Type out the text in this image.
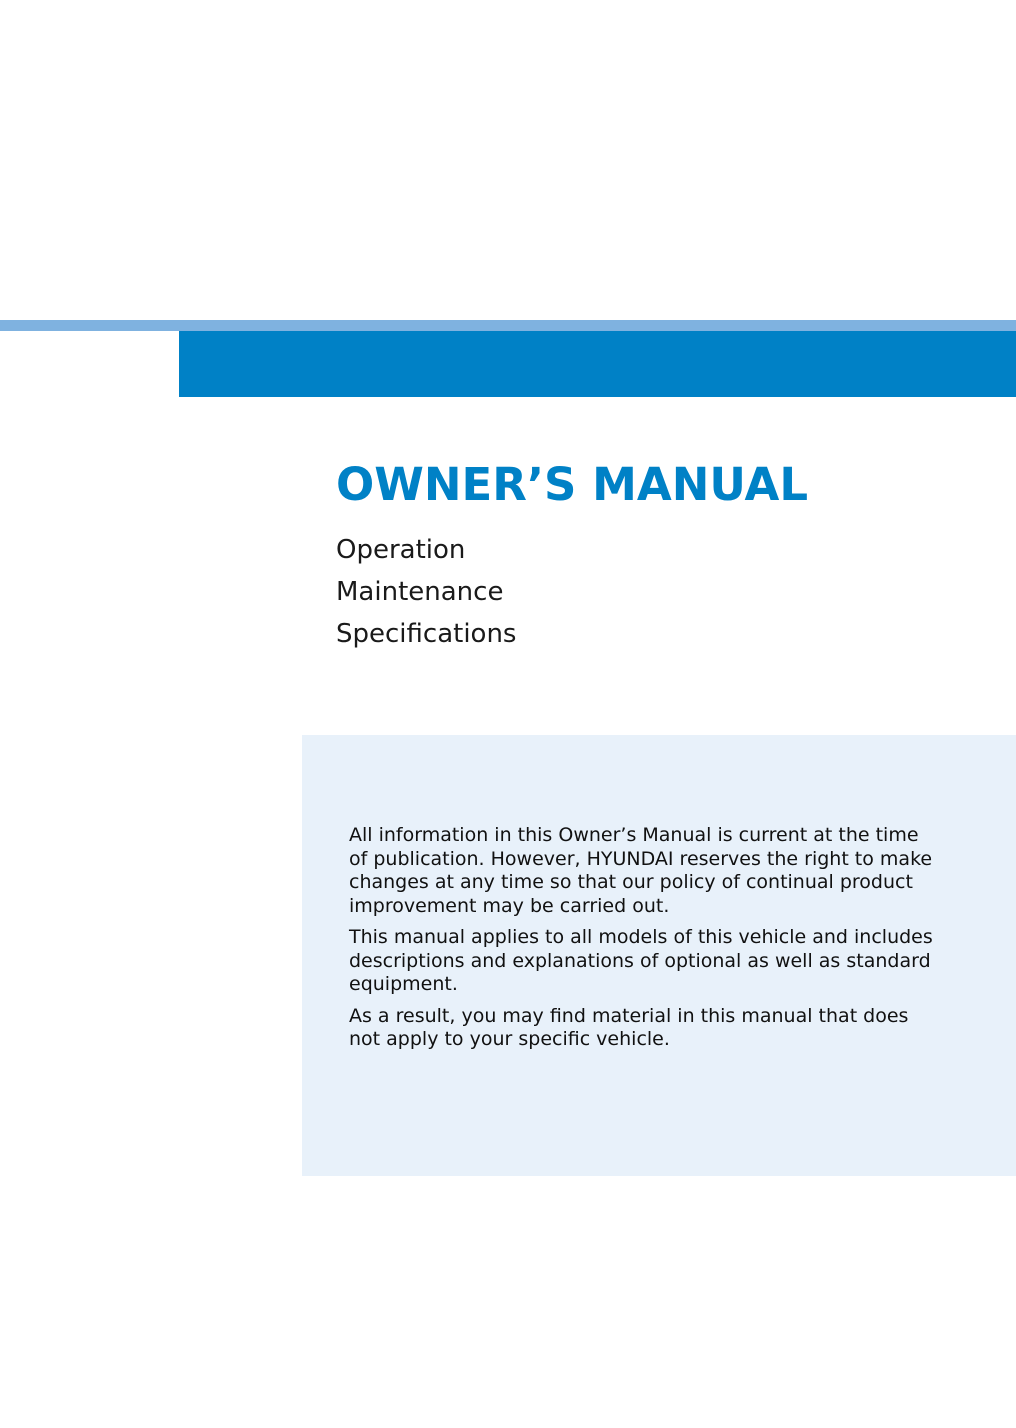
OWNER’S MANUAL
Operation
Maintenance
Specifications

All information in this Owner’s Manual is current at the time of publication. However, HYUNDAI reserves the right to make changes at any time so that our policy of continual product improvement may be carried out.

This manual applies to all models of this vehicle and includes descriptions and explanations of optional as well as standard equipment.

As a result, you may find material in this manual that does not apply to your specific vehicle.
